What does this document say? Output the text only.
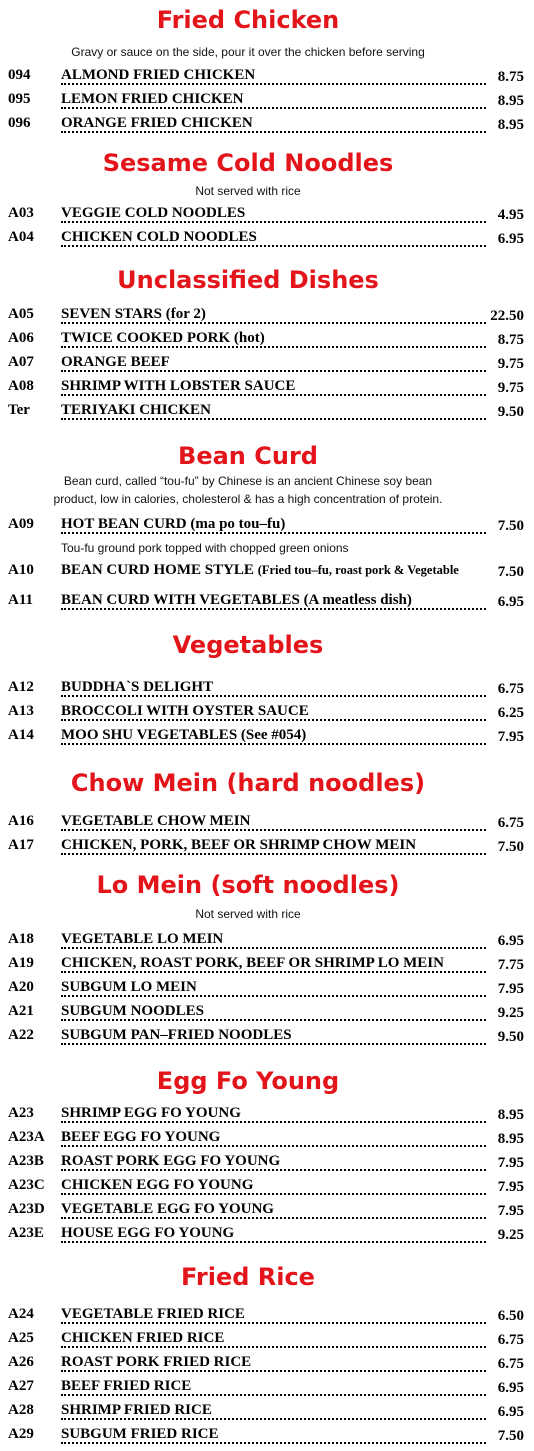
Fried Chicken
Gravy or sauce on the side, pour it over the chicken before serving
094 ALMOND FRIED CHICKEN	8.75
095 LEMON FRIED CHICKEN	8.95
096 ORANGE FRIED CHICKEN	8.95
Sesame Cold Noodles
Not served with rice
A03 VEGGIE COLD NOODLES	4.95
A04 CHICKEN COLD NOODLES	6.95
Unclassified Dishes
A05 SEVEN STARS (for 2)	22.50
A06 TWICE COOKED PORK (hot)	8.75
A07 ORANGE BEEF	9.75
A08 SHRIMP WITH LOBSTER SAUCE	9.75
Ter TERIYAKI CHICKEN	9.50
Bean Curd
Bean curd, called “tou-fu” by Chinese is an ancient Chinese soy bean
product, low in calories, cholesterol & has a high concentration of protein.
A09 HOT BEAN CURD (ma po tou–fu)	7.50
Tou-fu ground pork topped with chopped green onions
A10 BEAN CURD HOME STYLE (Fried tou–fu, roast pork & Vegetable	7.50
A11 BEAN CURD WITH VEGETABLES (A meatless dish)	6.95
Vegetables
A12 BUDDHA`S DELIGHT	6.75
A13 BROCCOLI WITH OYSTER SAUCE	6.25
A14 MOO SHU VEGETABLES (See #054)	7.95
Chow Mein (hard noodles)
A16 VEGETABLE CHOW MEIN	6.75
A17 CHICKEN, PORK, BEEF OR SHRIMP CHOW MEIN	7.50
Lo Mein (soft noodles)
Not served with rice
A18 VEGETABLE LO MEIN	6.95
A19 CHICKEN, ROAST PORK, BEEF OR SHRIMP LO MEIN	7.75
A20 SUBGUM LO MEIN	7.95
A21 SUBGUM NOODLES	9.25
A22 SUBGUM PAN–FRIED NOODLES	9.50
Egg Fo Young
A23 SHRIMP EGG FO YOUNG	8.95
A23A BEEF EGG FO YOUNG	8.95
A23B ROAST PORK EGG FO YOUNG	7.95
A23C CHICKEN EGG FO YOUNG	7.95
A23D VEGETABLE EGG FO YOUNG	7.95
A23E HOUSE EGG FO YOUNG	9.25
Fried Rice
A24 VEGETABLE FRIED RICE	6.50
A25 CHICKEN FRIED RICE	6.75
A26 ROAST PORK FRIED RICE	6.75
A27 BEEF FRIED RICE	6.95
A28 SHRIMP FRIED RICE	6.95
A29 SUBGUM FRIED RICE	7.50
